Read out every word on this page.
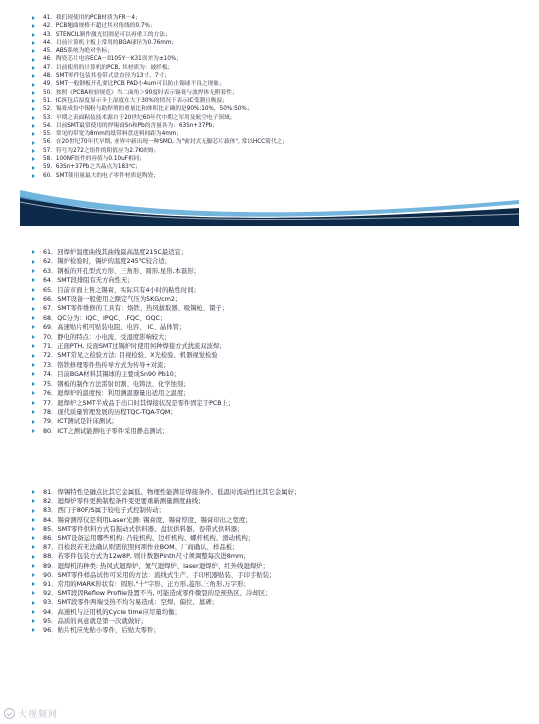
41．我们现使用的PCB材质为FR－4；
42．PCB翘曲规格不超过其对角线的0.7%；
43．STENCIL制作激光切割是可以再重工的方法；
44．目前计算机主板上常用的BGA球径为0.76mm；
45．ABS系统为绝对坐标；
46．陶瓷芯片电容ECA－0105Y－K31误差为±10%；
47．目前使用的计算机的PCB, 其材质为：玻纤板；
48．SMT零件包装其卷带式盘直径为13寸、7寸；
49．SMT一般钢板开孔要比PCB PAD小4um可以防止锡球不良之现象；
50．按照《PCBA检验规范》当二面角＞90度时表示锡膏与波焊体无附着性；
51．IC拆包后湿度显示卡上湿度在大于30%的情况下表示IC受潮且吸湿；
52．锡膏成份中锡粉与助焊剂的重量比和体积比正确的是90%:10%，50%:50%；
53．早期之表面粘装技术源自于20世纪60年代中期之军用及航空电子领域；
54．目前SMT最常使用的焊锡膏Sn和Pb的含量各为：63Sn+37Pb；
55．常见的带宽为8mm的纸带料盘送料间距为4mm；
56．在20世纪70年代早期, 业界中新出现一种SMD, 为"密封式无脚芯片载体", 常以HCC简代之；
57．符号为272之组件的阻值应为2.7K欧姆；
58．100NF组件的容值与0.10uF相同；
59．63Sn+37Pb之共晶点为183℃；
60．SMT使用量最大的电子零件材质是陶瓷；
61．回焊炉温度曲线其曲线最高温度215C最适宜；
62．锡炉检验时，锡炉的温度245℃较合适；
63．钢板的开孔型式方形、三角形、圆形,星形,本磊形；
64．SMT段排阻有无方向性无；
65．目前市面上售之锡膏，实际只有4小时的粘性时间；
66．SMT设备一般使用之额定气压为5KG/cm2；
67．SMT零件维修的工具有：烙铁、热风拔取器、吸锡枪、镊子；
68．QC分为：IQC、IPQC、.FQC、OQC；
69．高速贴片机可贴装电阻、电容、 IC、晶体管；
70．静电的特点：小电流、受湿度影响较大；
71．正面PTH, 反面SMT过锡炉时使用何种焊接方式扰流双波焊；
72．SMT常见之检验方法: 目视检验、X光检验、机器视觉检验
73．铬铁修理零件热传导方式为传导+对流；
74．目前BGA材料其锡球的主要成Sn90 Pb10；
75．钢板的制作方法雷射切割、电铸法、化学蚀刻；
76．迴焊炉的温度按：利用测温器量出适用之温度；
77．迴焊炉之SMT半成品于出口时其焊接状况是零件固定于PCB上；
78．现代质量管理发展的历程TQC-TQA-TQM；
79．ICT测试是针床测试；
80．ICT之测试能测电子零件采用静态测试；
81．焊锡特性是融点比其它金属低、物理性能满足焊接条件、低温时流动性比其它金属好；
82．迴焊炉零件更换制程条件变更要重新测量测度曲线；
83．西门子80F/S属于较电子式控制传动；
84．锡膏测厚仪是利用Laser光测: 锡膏度、锡膏厚度、锡膏印出之宽度；
85．SMT零件供料方式有振动式供料器、盘状供料器、卷带式供料器；
86．SMT设备运用哪些机构: 凸轮机构、边杆机构、螺杆机构、滑动机构；
87．目检段若无法确认则需依照何项作业BOM、厂商确认、样品板；
88．若零件包装方式为12w8P, 则计数器Pinth尺寸须调整每次进8mm；
89．迴焊机的种类: 热风式迴焊炉、氮气迴焊炉、laser迴焊炉、红外线迴焊炉；
90．SMT零件样品试作可采用的方法：流线式生产、手印机器贴装、手印手贴装；
91．常用的MARK形状有：圆形,"十"字形、正方形,菱形,三角形,万字形；
92．SMT段因Reflow Profile设置不当, 可能造成零件微裂的是预热区、冷却区；
93．SMT段零件两端受热不均匀易造成：空焊、偏位、墓碑；
94．高速机与泛用机的Cycle time应尽量均衡；
95．品质的真意就是第一次就做好；
96．贴片机应先贴小零件，后贴大零件；
大视频网
